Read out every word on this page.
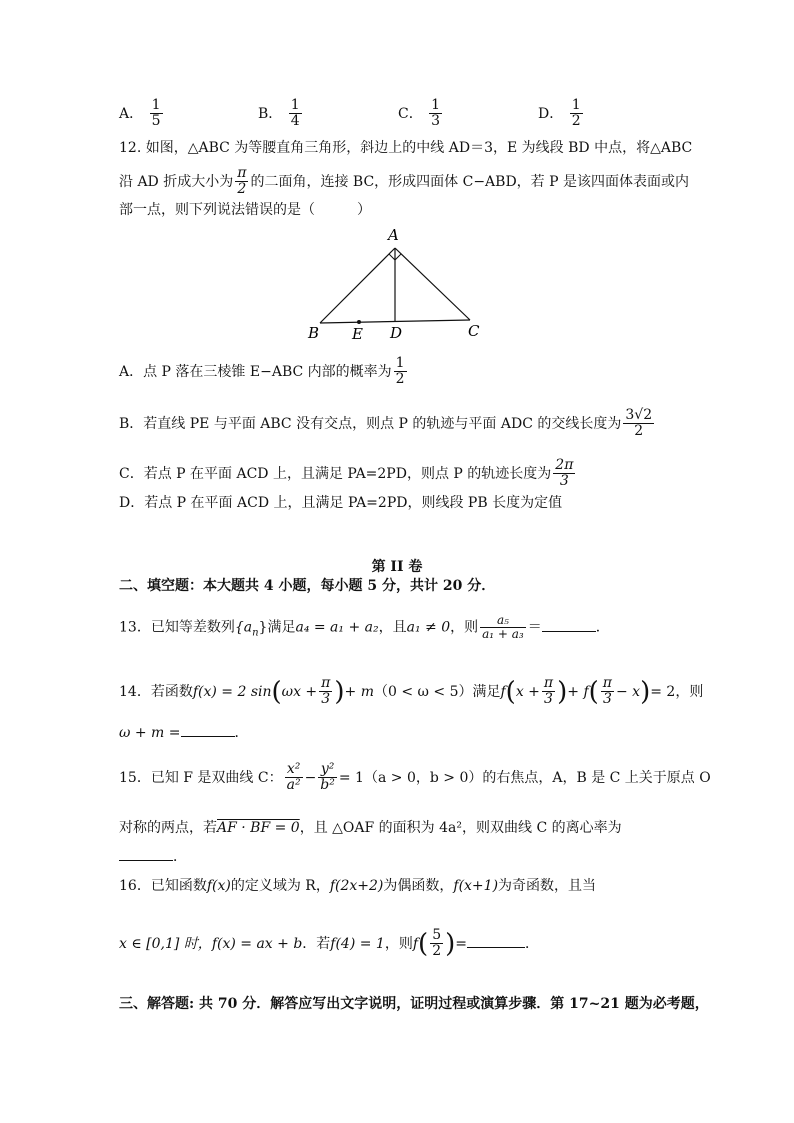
A． $\frac{1}{5}$	B． $\frac{1}{4}$	C． $\frac{1}{3}$	D． $\frac{1}{2}$
12. 如图，△ABC 为等腰直角三角形，斜边上的中线 AD＝3，E 为线段 BD 中点，将△ABC
沿 AD 折成大小为 $\frac{\pi}{2}$ 的二面角，连接 BC，形成四面体 C−ABD，若 P 是该四面体表面或内
部一点，则下列说法错误的是（　　　）
A
B E D	C
A．点 P 落在三棱锥 E−ABC 内部的概率为 $\frac{1}{2}$
B．若直线 PE 与平面 ABC 没有交点，则点 P 的轨迹与平面 ADC 的交线长度为 $\frac{3√2}{2}$
C．若点 P 在平面 ACD 上，且满足 PA=2PD，则点 P 的轨迹长度为 $\frac{2\pi}{3}$
D．若点 P 在平面 ACD 上，且满足 PA=2PD，则线段 PB 长度为定值
第 II 卷
二、填空题：本大题共 4 小题，每小题 5 分，共计 20 分．
13．已知等差数列$\{a_n\}$满足a₄ = a₁ + a₂，且a₁ ≠ 0，则 $\frac{\text{a₅}}{\text{a₁ + a₃}}$ ＝	．
14．若函数f(x) = 2 $\sin(\omega x + \frac{\pi}{3}$ )+ m（0 < ω < 5）满足$f(x + \frac{\pi}{3}$ )+ $f( \frac{\pi}{3} - x)= 2$，则
ω + m =	．
15．已知 F 是双曲线 C： $\frac{\text{x²}}{\text{a²}} - \frac{\text{y²}}{\text{b²}} = 1(a > 0$，b > 0）的右焦点，A，B 是 C 上关于原点 O
对称的两点，若AF · BF = 0，且 △OAF 的面积为 4a²，则双曲线 C 的离心率为
．
16．已知函数f(x)的定义域为 R，f(2x+2)为偶函数，f(x+1)为奇函数，且当
x ∈ [0,1] 时，f(x) = ax + b．若f(4) = 1，则$f( \frac{5}{2}$ )=	．
三、解答题: 共 70 分．解答应写出文字说明，证明过程或演算步骤．第 17~21 题为必考题，
